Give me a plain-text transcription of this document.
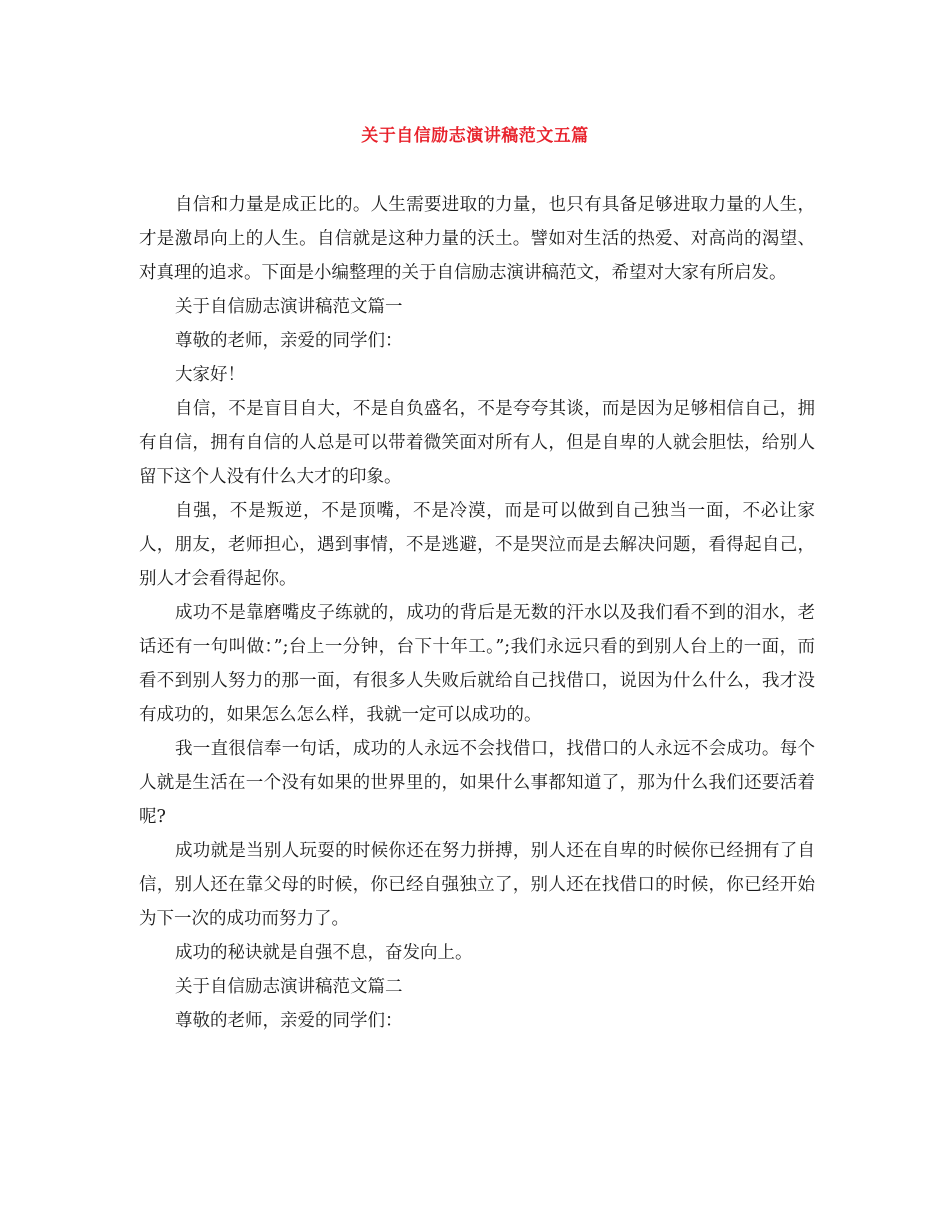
关于自信励志演讲稿范文五篇

自信和力量是成正比的。人生需要进取的力量，也只有具备足够进取力量的人生，才是激昂向上的人生。自信就是这种力量的沃土。譬如对生活的热爱、对高尚的渴望、对真理的追求。下面是小编整理的关于自信励志演讲稿范文，希望对大家有所启发。

关于自信励志演讲稿范文篇一

尊敬的老师，亲爱的同学们：

大家好！

自信，不是盲目自大，不是自负盛名，不是夸夸其谈，而是因为足够相信自己，拥有自信，拥有自信的人总是可以带着微笑面对所有人，但是自卑的人就会胆怯，给别人留下这个人没有什么大才的印象。

自强，不是叛逆，不是顶嘴，不是冷漠，而是可以做到自己独当一面，不必让家人，朋友，老师担心，遇到事情，不是逃避，不是哭泣而是去解决问题，看得起自己，别人才会看得起你。

成功不是靠磨嘴皮子练就的，成功的背后是无数的汗水以及我们看不到的泪水，老话还有一句叫做：”;台上一分钟，台下十年工。”;我们永远只看的到别人台上的一面，而看不到别人努力的那一面，有很多人失败后就给自己找借口，说因为什么什么，我才没有成功的，如果怎么怎么样，我就一定可以成功的。

我一直很信奉一句话，成功的人永远不会找借口，找借口的人永远不会成功。每个人就是生活在一个没有如果的世界里的，如果什么事都知道了，那为什么我们还要活着呢?

成功就是当别人玩耍的时候你还在努力拼搏，别人还在自卑的时候你已经拥有了自信，别人还在靠父母的时候，你已经自强独立了，别人还在找借口的时候，你已经开始为下一次的成功而努力了。

成功的秘诀就是自强不息，奋发向上。

关于自信励志演讲稿范文篇二

尊敬的老师，亲爱的同学们：
